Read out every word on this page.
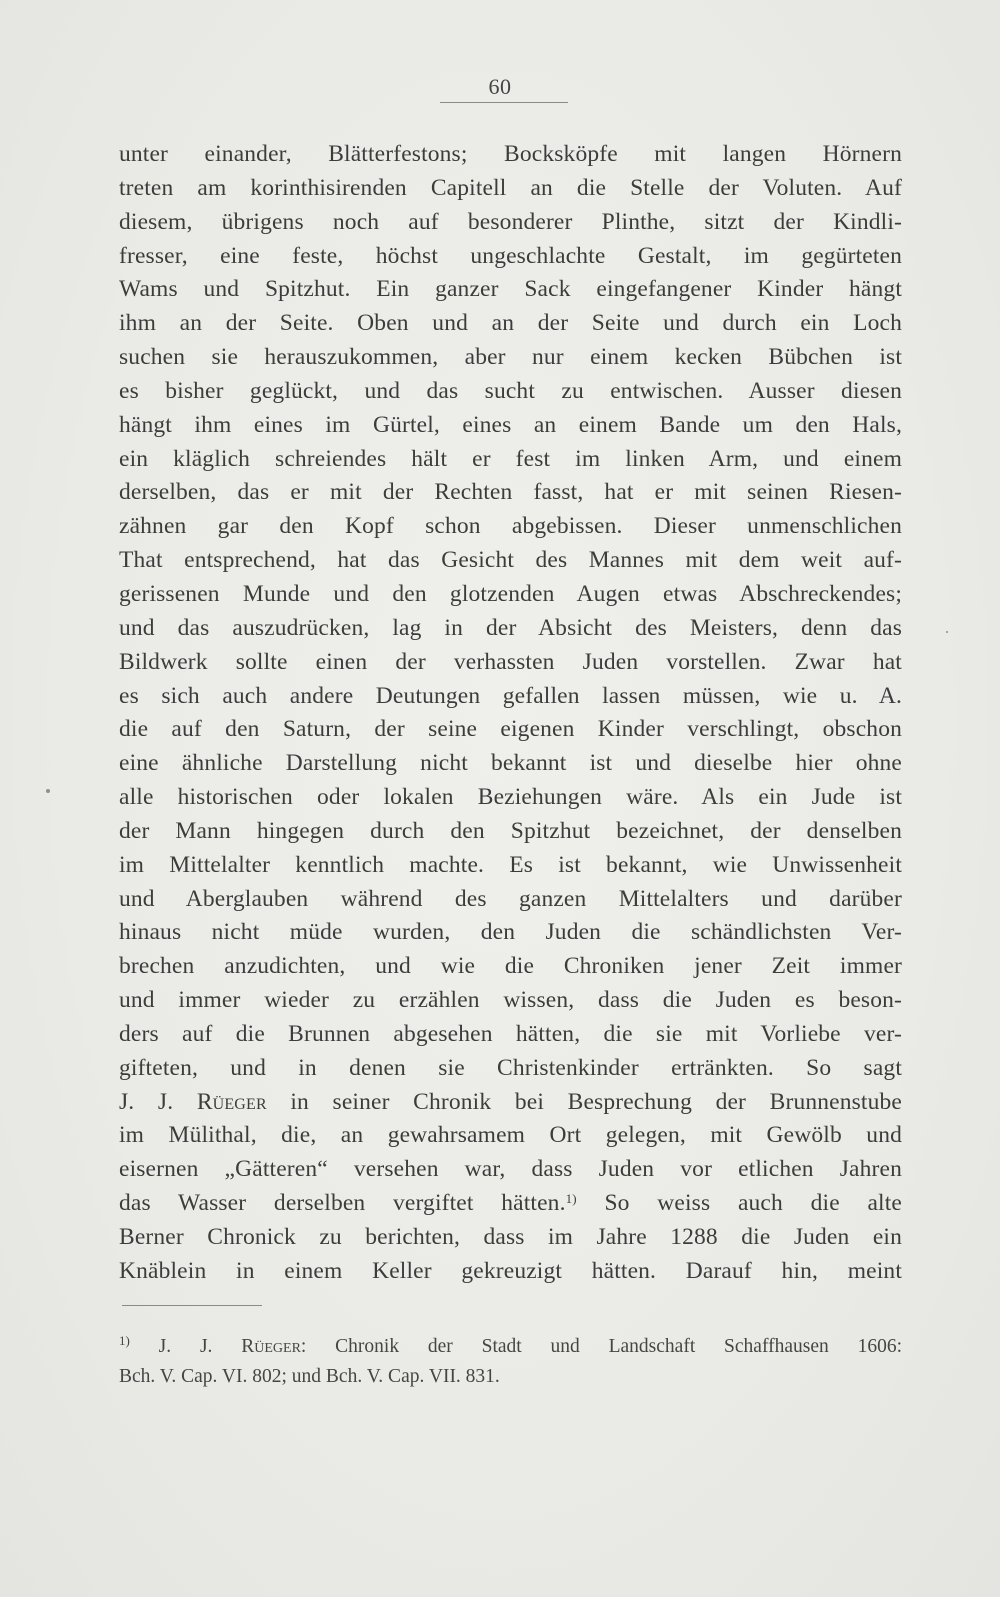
60
unter einander, Blätterfestons; Bocksköpfe mit langen Hörnern
treten am korinthisirenden Capitell an die Stelle der Voluten. Auf
diesem, übrigens noch auf besonderer Plinthe, sitzt der Kindli-
fresser, eine feste, höchst ungeschlachte Gestalt, im gegürteten
Wams und Spitzhut. Ein ganzer Sack eingefangener Kinder hängt
ihm an der Seite. Oben und an der Seite und durch ein Loch
suchen sie herauszukommen, aber nur einem kecken Bübchen ist
es bisher geglückt, und das sucht zu entwischen. Ausser diesen
hängt ihm eines im Gürtel, eines an einem Bande um den Hals,
ein kläglich schreiendes hält er fest im linken Arm, und einem
derselben, das er mit der Rechten fasst, hat er mit seinen Riesen-
zähnen gar den Kopf schon abgebissen. Dieser unmenschlichen
That entsprechend, hat das Gesicht des Mannes mit dem weit auf-
gerissenen Munde und den glotzenden Augen etwas Abschreckendes;
und das auszudrücken, lag in der Absicht des Meisters, denn das
Bildwerk sollte einen der verhassten Juden vorstellen. Zwar hat
es sich auch andere Deutungen gefallen lassen müssen, wie u. A.
die auf den Saturn, der seine eigenen Kinder verschlingt, obschon
eine ähnliche Darstellung nicht bekannt ist und dieselbe hier ohne
alle historischen oder lokalen Beziehungen wäre. Als ein Jude ist
der Mann hingegen durch den Spitzhut bezeichnet, der denselben
im Mittelalter kenntlich machte. Es ist bekannt, wie Unwissenheit
und Aberglauben während des ganzen Mittelalters und darüber
hinaus nicht müde wurden, den Juden die schändlichsten Ver-
brechen anzudichten, und wie die Chroniken jener Zeit immer
und immer wieder zu erzählen wissen, dass die Juden es beson-
ders auf die Brunnen abgesehen hätten, die sie mit Vorliebe ver-
gifteten, und in denen sie Christenkinder ertränkten. So sagt
J. J. Rüeger in seiner Chronik bei Besprechung der Brunnenstube
im Mülithal, die, an gewahrsamem Ort gelegen, mit Gewölb und
eisernen „Gätteren“ versehen war, dass Juden vor etlichen Jahren
das Wasser derselben vergiftet hätten.$^{1)}$ So weiss auch die alte
Berner Chronick zu berichten, dass im Jahre 1288 die Juden ein
Knäblein in einem Keller gekreuzigt hätten. Darauf hin, meint
$^{1)}$ J. J. Rüeger: Chronik der Stadt und Landschaft Schaffhausen 1606:
Bch. V. Cap. VI. 802; und Bch. V. Cap. VII. 831.
